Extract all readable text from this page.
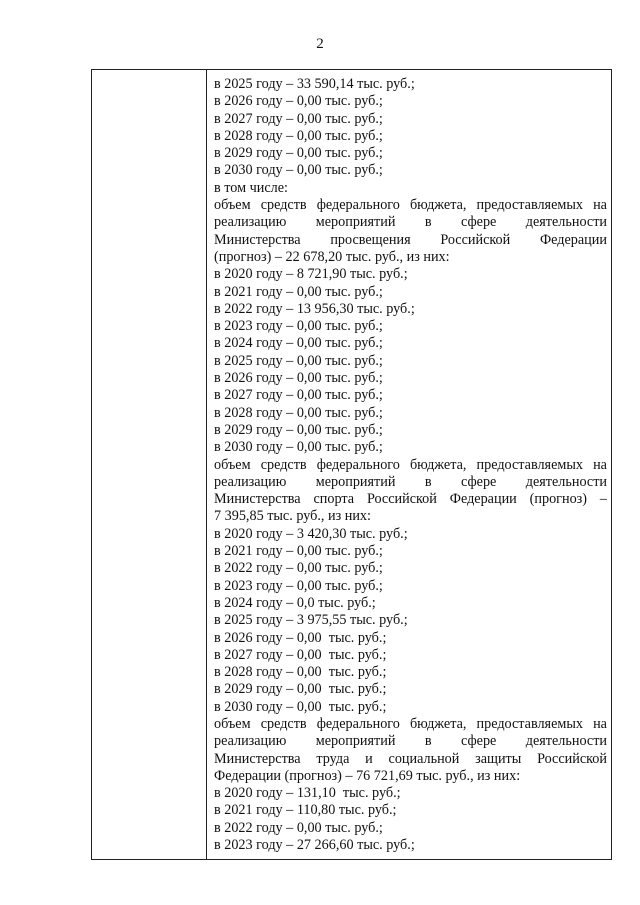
2
в 2025 году – 33 590,14 тыс. руб.;
в 2026 году – 0,00 тыс. руб.;
в 2027 году – 0,00 тыс. руб.;
в 2028 году – 0,00 тыс. руб.;
в 2029 году – 0,00 тыс. руб.;
в 2030 году – 0,00 тыс. руб.;
в том числе:
объем средств федерального бюджета, предоставляемых на
реализацию мероприятий в сфере деятельности
Министерства просвещения Российской Федерации
(прогноз) – 22 678,20 тыс. руб., из них:
в 2020 году – 8 721,90 тыс. руб.;
в 2021 году – 0,00 тыс. руб.;
в 2022 году – 13 956,30 тыс. руб.;
в 2023 году – 0,00 тыс. руб.;
в 2024 году – 0,00 тыс. руб.;
в 2025 году – 0,00 тыс. руб.;
в 2026 году – 0,00 тыс. руб.;
в 2027 году – 0,00 тыс. руб.;
в 2028 году – 0,00 тыс. руб.;
в 2029 году – 0,00 тыс. руб.;
в 2030 году – 0,00 тыс. руб.;
объем средств федерального бюджета, предоставляемых на
реализацию мероприятий в сфере деятельности
Министерства спорта Российской Федерации (прогноз) –
7 395,85 тыс. руб., из них:
в 2020 году – 3 420,30 тыс. руб.;
в 2021 году – 0,00 тыс. руб.;
в 2022 году – 0,00 тыс. руб.;
в 2023 году – 0,00 тыс. руб.;
в 2024 году – 0,0 тыс. руб.;
в 2025 году – 3 975,55 тыс. руб.;
в 2026 году – 0,00  тыс. руб.;
в 2027 году – 0,00  тыс. руб.;
в 2028 году – 0,00  тыс. руб.;
в 2029 году – 0,00  тыс. руб.;
в 2030 году – 0,00  тыс. руб.;
объем средств федерального бюджета, предоставляемых на
реализацию мероприятий в сфере деятельности
Министерства труда и социальной защиты Российской
Федерации (прогноз) – 76 721,69 тыс. руб., из них:
в 2020 году – 131,10  тыс. руб.;
в 2021 году – 110,80 тыс. руб.;
в 2022 году – 0,00 тыс. руб.;
в 2023 году – 27 266,60 тыс. руб.;
